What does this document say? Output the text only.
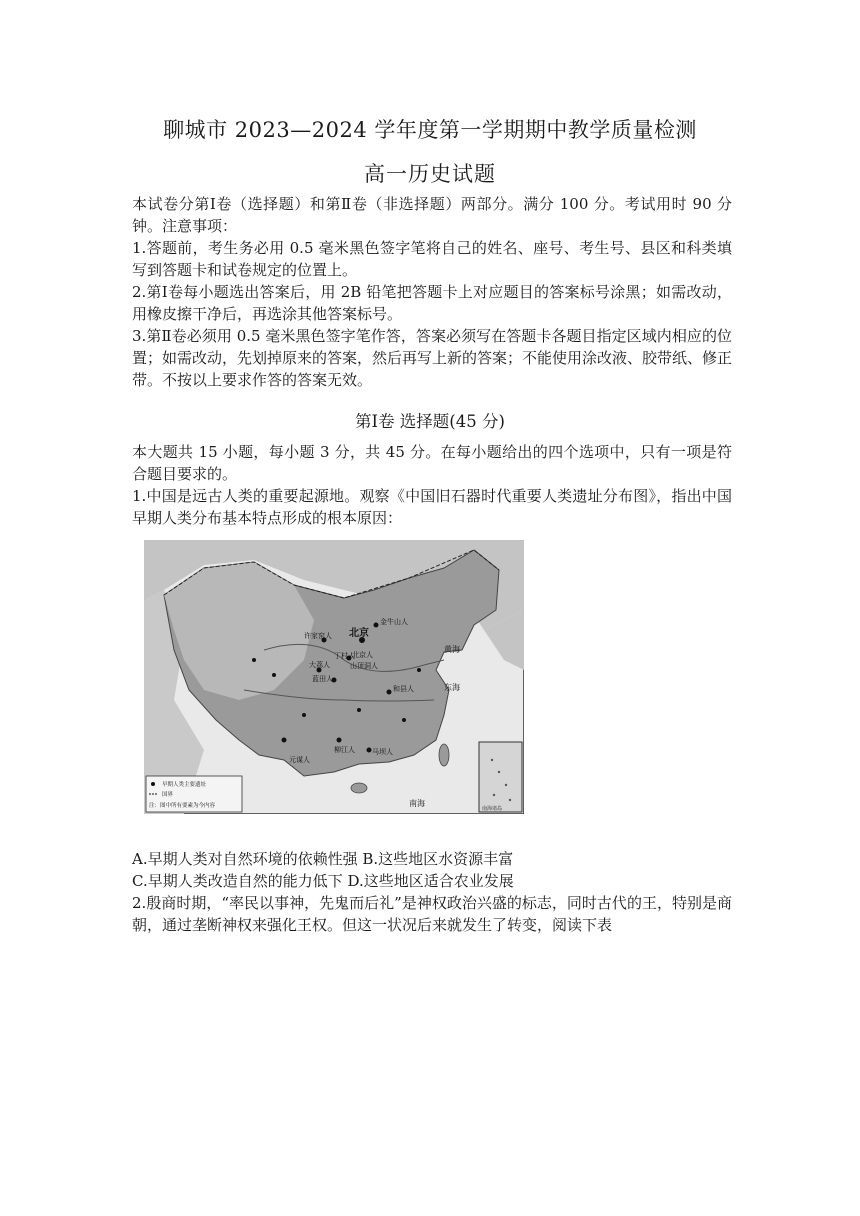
聊城市 2023—2024 学年度第一学期期中教学质量检测
高一历史试题

本试卷分第Ⅰ卷（选择题）和第Ⅱ卷（非选择题）两部分。满分 100 分。考试用时 90 分钟。注意事项：

1.答题前，考生务必用 0.5 毫米黑色签字笔将自己的姓名、座号、考生号、县区和科类填写到答题卡和试卷规定的位置上。

2.第Ⅰ卷每小题选出答案后，用 2B 铅笔把答题卡上对应题目的答案标号涂黑；如需改动，用橡皮擦干净后，再选涂其他答案标号。

3.第Ⅱ卷必须用 0.5 毫米黑色签字笔作答，答案必须写在答题卡各题目指定区域内相应的位置；如需改动，先划掉原来的答案，然后再写上新的答案；不能使用涂改液、胶带纸、修正带。不按以上要求作答的答案无效。

第Ⅰ卷 选择题(45 分)

本大题共 15 小题，每小题 3 分，共 45 分。在每小题给出的四个选项中，只有一项是符合题目要求的。

1.中国是远古人类的重要起源地。观察《中国旧石器时代重要人类遗址分布图》，指出中国早期人类分布基本特点形成的根本原因：

北京
金牛山人
北京人
山顶洞人
丁村人
蓝田人
和县人
元谋人
马坝人
柳江人
许家窑人
大荔人
东海
黄海
南海
南海诸岛
早期人类主要遗址
国界
注：图中所有要素为今内容

A.早期人类对自然环境的依赖性强 B.这些地区水资源丰富

C.早期人类改造自然的能力低下 D.这些地区适合农业发展

2.殷商时期，“率民以事神，先鬼而后礼”是神权政治兴盛的标志，同时古代的王，特别是商朝，通过垄断神权来强化王权。但这一状况后来就发生了转变，阅读下表
